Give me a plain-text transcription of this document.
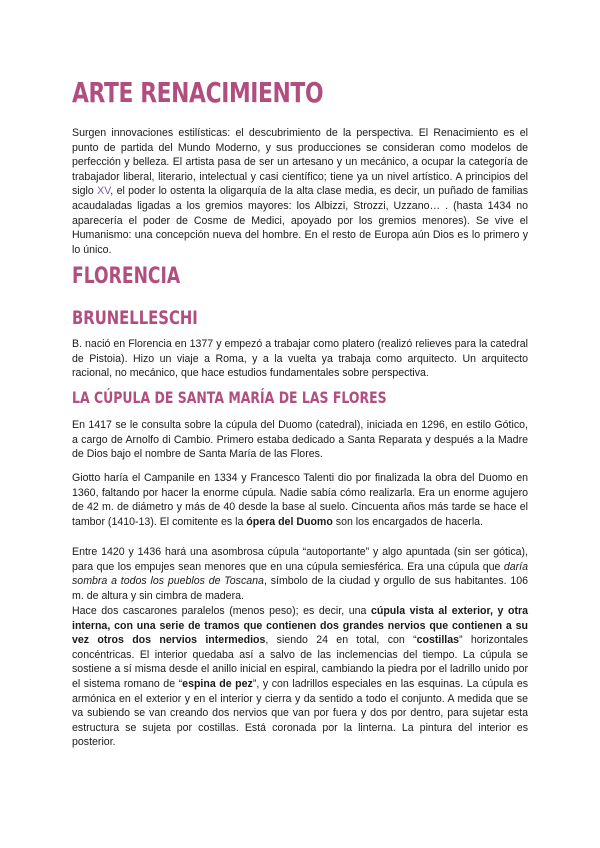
ARTE RENACIMIENTO
Surgen innovaciones estilísticas: el descubrimiento de la perspectiva. El Renacimiento es el punto de partida del Mundo Moderno, y sus producciones se consideran como modelos de perfección y belleza. El artista pasa de ser un artesano y un mecánico, a ocupar la categoría de trabajador liberal, literario, intelectual y casi científico; tiene ya un nivel artístico. A principios del siglo XV, el poder lo ostenta la oligarquía de la alta clase media, es decir, un puñado de familias acaudaladas ligadas a los gremios mayores: los Albizzi, Strozzi, Uzzano… . (hasta 1434 no aparecería el poder de Cosme de Medici, apoyado por los gremios menores). Se vive el Humanismo: una concepción nueva del hombre. En el resto de Europa aún Dios es lo primero y lo único.
FLORENCIA
BRUNELLESCHI
B. nació en Florencia en 1377 y empezó a trabajar como platero (realizó relieves para la catedral de Pistoia). Hizo un viaje a Roma, y a la vuelta ya trabaja como arquitecto. Un arquitecto racional, no mecánico, que hace estudios fundamentales sobre perspectiva.
LA CÚPULA DE SANTA MARÍA DE LAS FLORES
En 1417 se le consulta sobre la cúpula del Duomo (catedral), iniciada en 1296, en estilo Gótico, a cargo de Arnolfo di Cambio. Primero estaba dedicado a Santa Reparata y después a la Madre de Dios bajo el nombre de Santa María de las Flores.
Giotto haría el Campanile en 1334 y Francesco Talenti dio por finalizada la obra del Duomo en 1360, faltando por hacer la enorme cúpula. Nadie sabía cómo realizarla. Era un enorme agujero de 42 m. de diámetro y más de 40 desde la base al suelo. Cincuenta años más tarde se hace el tambor (1410-13). El comitente es la ópera del Duomo son los encargados de hacerla.
Entre 1420 y 1436 hará una asombrosa cúpula “autoportante” y algo apuntada (sin ser gótica), para que los empujes sean menores que en una cúpula semiesférica. Era una cúpula que daría sombra a todos los pueblos de Toscana, símbolo de la ciudad y orgullo de sus habitantes. 106 m. de altura y sin cimbra de madera.
Hace dos cascarones paralelos (menos peso); es decir, una cúpula vista al exterior, y otra interna, con una serie de tramos que contienen dos grandes nervios que contienen a su vez otros dos nervios intermedios, siendo 24 en total, con “costillas” horizontales concéntricas. El interior quedaba así a salvo de las inclemencias del tiempo. La cúpula se sostiene a sí misma desde el anillo inicial en espiral, cambiando la piedra por el ladrillo unido por el sistema romano de “espina de pez”, y con ladrillos especiales en las esquinas. La cúpula es armónica en el exterior y en el interior y cierra y da sentido a todo el conjunto. A medida que se va subiendo se van creando dos nervios que van por fuera y dos por dentro, para sujetar esta estructura se sujeta por costillas. Está coronada por la linterna. La pintura del interior es posterior.
